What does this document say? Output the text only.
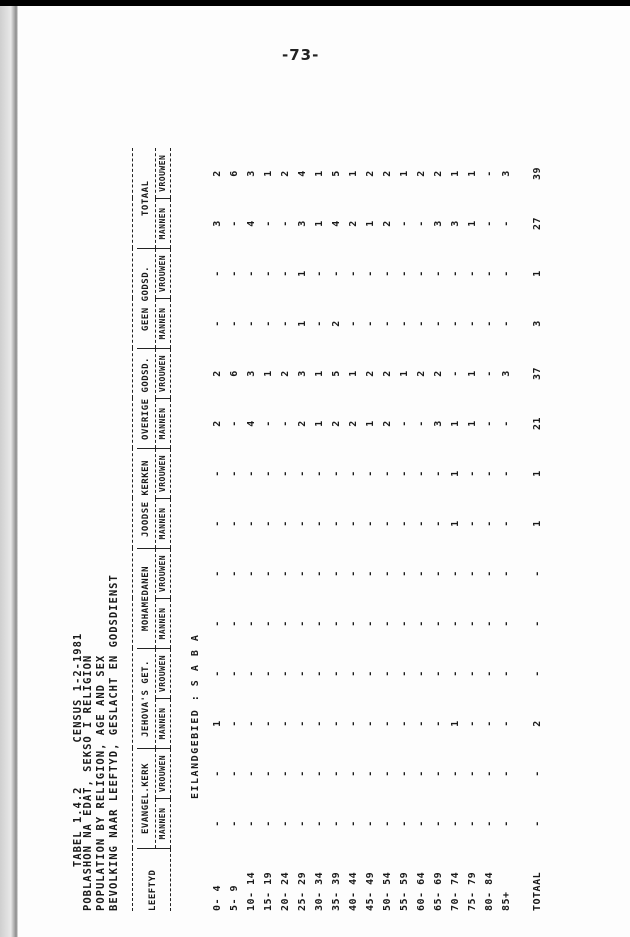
-73-

TABEL 1.4.2      CENSUS 1-2-1981

POBLASHON NA EDAT, SEKSO I RELIGION POPULATION BY RELIGION, AGE AND SEX BEVOLKING NAAR LEEFTYD, GESLACHT EN GODSDIENST	LEEFTYD	EVANGEL.KERK		JEHOVA'S GET.		MOHAMEDANEN		JOODSE KERKEN		OVERIGE GODSD.		GEEN GODSD.		TOTAAL	
	MANNEN	VROUWEN	MANNEN	VROUWEN	MANNEN	VROUWEN	MANNEN	VROUWEN	MANNEN	VROUWEN	MANNEN	VROUWEN	MANNEN	VROUWEN

0- 4	-	-	1	-	-	-	-	-	2	2	-	-	3	2
5- 9	-	-	-	-	-	-	-	-	-	6	-	-	-	6
10- 14	-	-	-	-	-	-	-	-	4	3	-	-	4	3
15- 19	-	-	-	-	-	-	-	-	-	1	-	-	-	1
20- 24	-	-	-	-	-	-	-	-	-	2	-	-	-	2
25- 29	-	-	-	-	-	-	-	-	2	3	1	1	3	4
30- 34	-	-	-	-	-	-	-	-	1	1	-	-	1	1
35- 39	-	-	-	-	-	-	-	-	2	5	2	-	4	5
40- 44	-	-	-	-	-	-	-	-	2	1	-	-	2	1
45- 49	-	-	-	-	-	-	-	-	1	2	-	-	1	2
50- 54	-	-	-	-	-	-	-	-	2	2	-	-	2	2
55- 59	-	-	-	-	-	-	-	-	-	1	-	-	-	1
60- 64	-	-	-	-	-	-	-	-	-	2	-	-	-	2
65- 69	-	-	-	-	-	-	-	-	3	2	-	-	3	2
70- 74	-	-	1	-	-	-	1	1	1	-	-	-	3	1
75- 79	-	-	-	-	-	-	-	-	1	1	-	-	1	1
80- 84	-	-	-	-	-	-	-	-	-	-	-	-	-	-
85+	-	-	-	-	-	-	-	-	-	3	-	-	-	3

TOTAAL	-	-	2	-	-	-	1	1	21	37	3	1	27	39
EILANDGEBIED : S A B A
